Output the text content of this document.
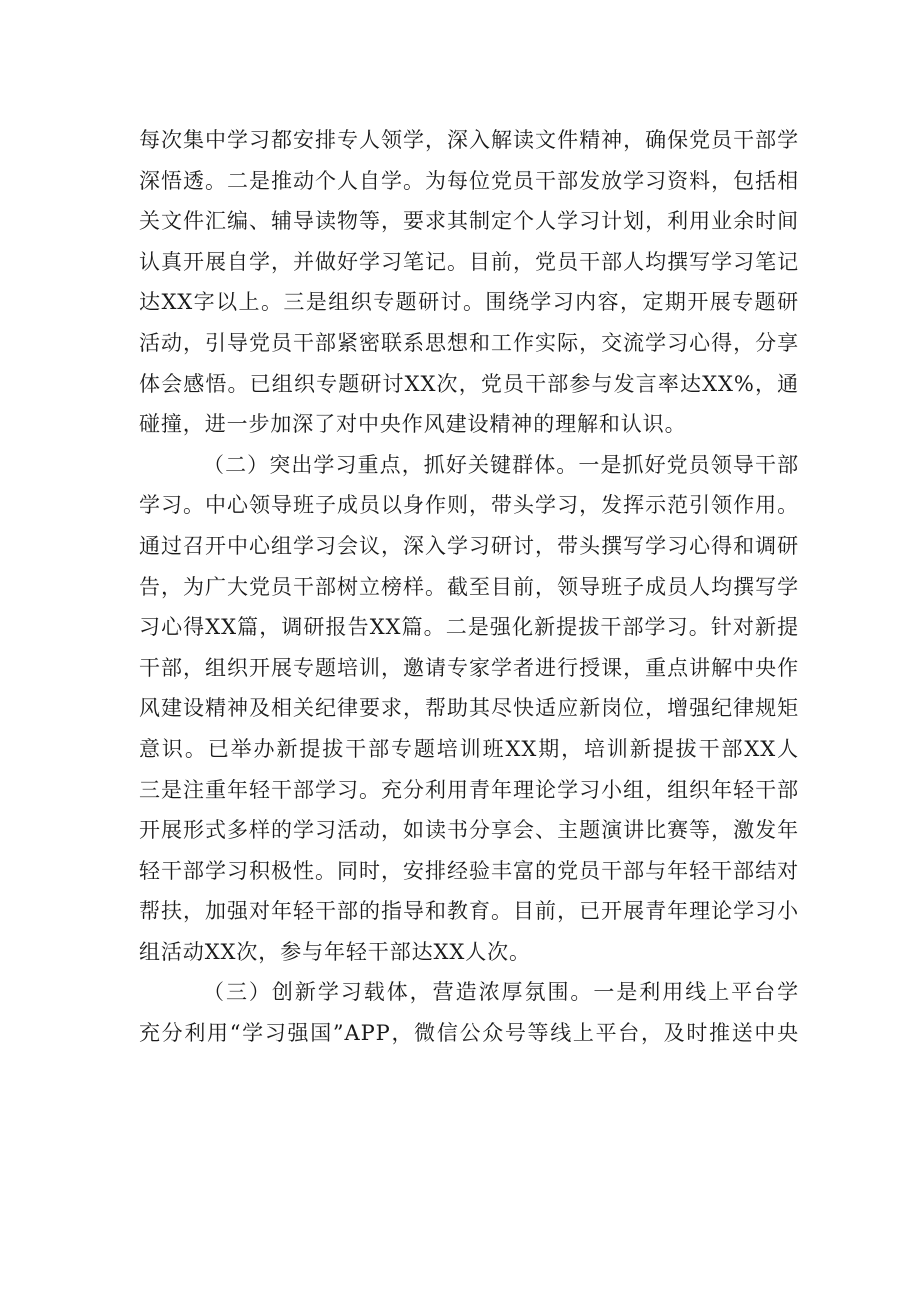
每次集中学习都安排专人领学，深入解读文件精神，确保党员干部学
深悟透。二是推动个人自学。为每位党员干部发放学习资料，包括相
关文件汇编、辅导读物等，要求其制定个人学习计划，利用业余时间
认真开展自学，并做好学习笔记。目前，党员干部人均撰写学习笔记
达XX字以上。三是组织专题研讨。围绕学习内容，定期开展专题研
活动，引导党员干部紧密联系思想和工作实际，交流学习心得，分享
体会感悟。已组织专题研讨XX次，党员干部参与发言率达XX%，通
碰撞，进一步加深了对中央作风建设精神的理解和认识。
（二）突出学习重点，抓好关键群体。一是抓好党员领导干部
学习。中心领导班子成员以身作则，带头学习，发挥示范引领作用。
通过召开中心组学习会议，深入学习研讨，带头撰写学习心得和调研
告，为广大党员干部树立榜样。截至目前，领导班子成员人均撰写学
习心得XX篇，调研报告XX篇。二是强化新提拔干部学习。针对新提
干部，组织开展专题培训，邀请专家学者进行授课，重点讲解中央作
风建设精神及相关纪律要求，帮助其尽快适应新岗位，增强纪律规矩
意识。已举办新提拔干部专题培训班XX期，培训新提拔干部XX人
三是注重年轻干部学习。充分利用青年理论学习小组，组织年轻干部
开展形式多样的学习活动，如读书分享会、主题演讲比赛等，激发年
轻干部学习积极性。同时，安排经验丰富的党员干部与年轻干部结对
帮扶，加强对年轻干部的指导和教育。目前，已开展青年理论学习小
组活动XX次，参与年轻干部达XX人次。
（三）创新学习载体，营造浓厚氛围。一是利用线上平台学
充分利用“学习强国”APP，微信公众号等线上平台，及时推送中央
